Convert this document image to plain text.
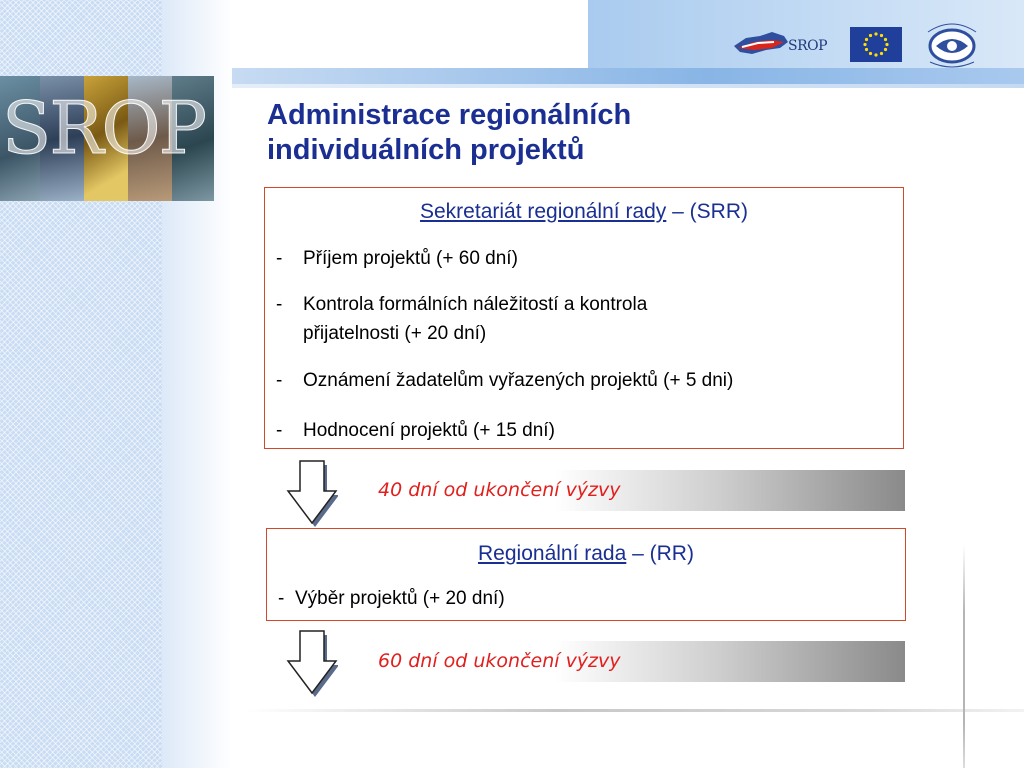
SROP
SROP
Administrace regionálních
individuálních projektů
Sekretariát regionální rady – (SRR)
- Příjem projektů (+ 60 dní)
- Kontrola formálních náležitostí a kontrola
přijatelnosti (+ 20 dní)
- Oznámení žadatelům vyřazených projektů (+ 5 dni)
- Hodnocení projektů (+ 15 dní)
40 dní od ukončení výzvy
Regionální rada – (RR)
- Výběr projektů (+ 20 dní)
60 dní od ukončení výzvy
